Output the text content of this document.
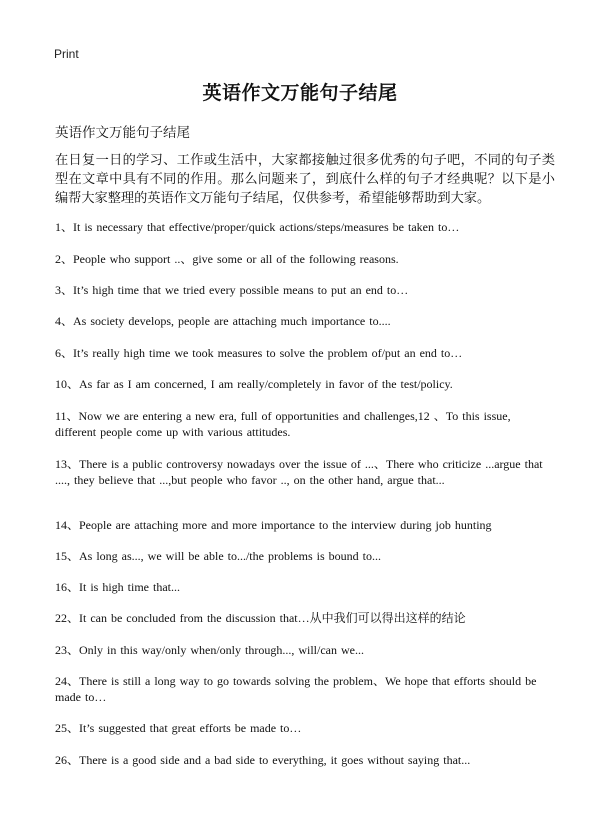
Print
英语作文万能句子结尾
英语作文万能句子结尾
在日复一日的学习、工作或生活中，大家都接触过很多优秀的句子吧，不同的句子类型在文章中具有不同的作用。那么问题来了，到底什么样的句子才经典呢？以下是小编帮大家整理的英语作文万能句子结尾，仅供参考，希望能够帮助到大家。
1、It is necessary that effective/proper/quick actions/steps/measures be taken to…
2、People who support ..、give some or all of the following reasons.
3、It’s high time that we tried every possible means to put an end to…
4、As society develops, people are attaching much importance to....
6、It’s really high time we took measures to solve the problem of/put an end to…
10、As far as I am concerned, I am really/completely in favor of the test/policy.
11、Now we are entering a new era, full of opportunities and challenges,12 、To this issue, different people come up with various attitudes.
13、There is a public controversy nowadays over the issue of ...、There who criticize ...argue that ...., they believe that ...,but people who favor .., on the other hand, argue that...
14、People are attaching more and more importance to the interview during job hunting
15、As long as..., we will be able to.../the problems is bound to...
16、It is high time that...
22、It can be concluded from the discussion that…从中我们可以得出这样的结论
23、Only in this way/only when/only through..., will/can we...
24、There is still a long way to go towards solving the problem、We hope that efforts should be made to…
25、It’s suggested that great efforts be made to…
26、There is a good side and a bad side to everything, it goes without saying that...
